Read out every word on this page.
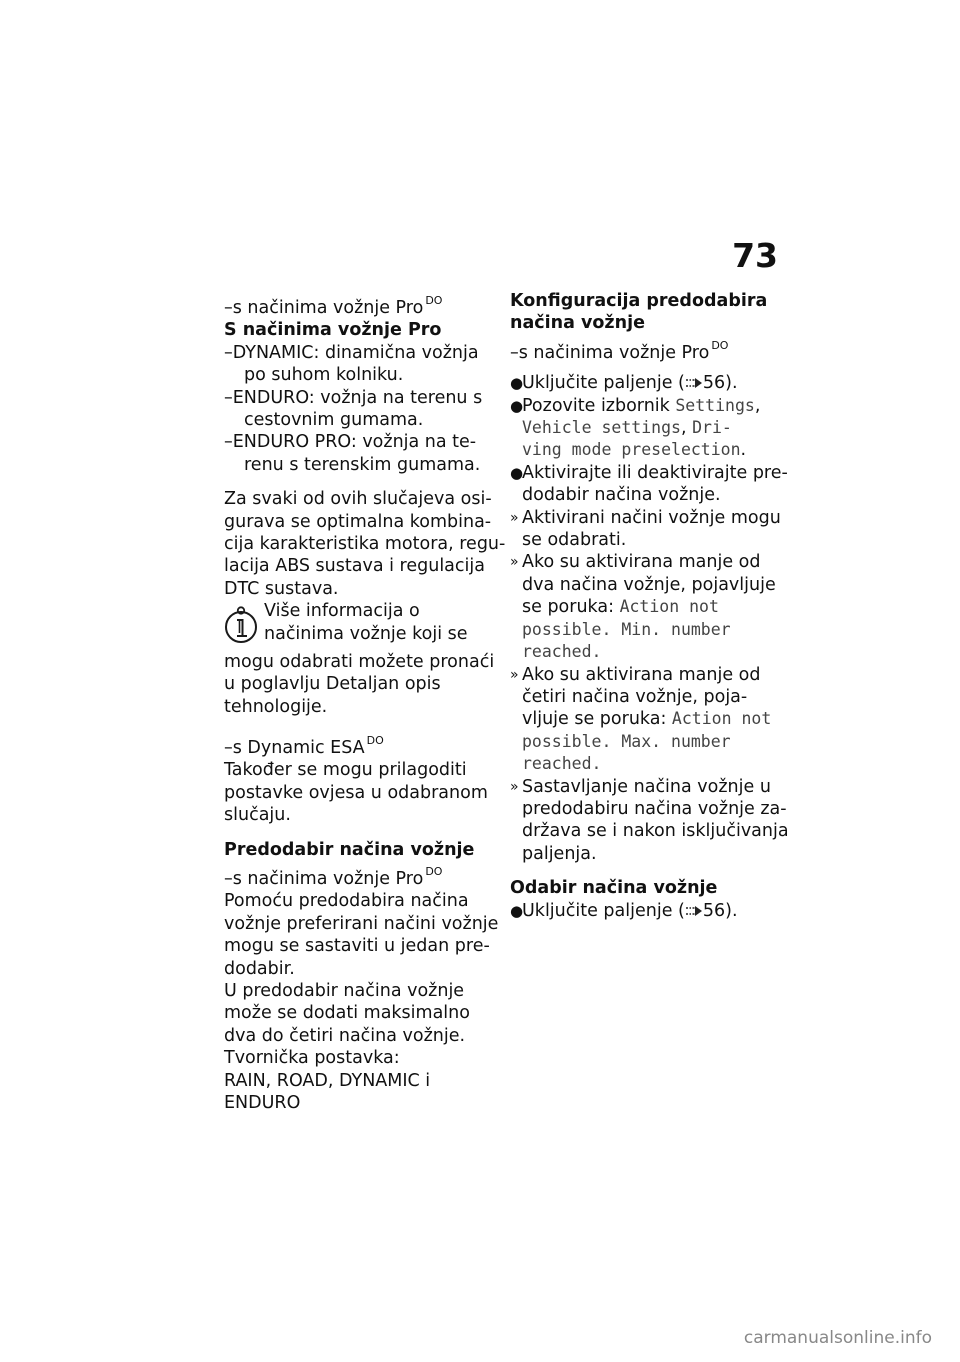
73
–s načinima vožnje Pro $^{DO}$
S načinima vožnje Pro
–DYNAMIC: dinamična vožnja
po suhom kolniku.
–ENDURO: vožnja na terenu s
cestovnim gumama.
–ENDURO PRO: vožnja na te-
renu s terenskim gumama.
Za svaki od ovih slučajeva osi-
gurava se optimalna kombina-
cija karakteristika motora, regu-
lacija ABS sustava i regulacija
DTC sustava.
Više informacija o
načinima vožnje koji se
mogu odabrati možete pronaći
u poglavlju Detaljan opis
tehnologije.
–s Dynamic ESA $^{DO}$
Također se mogu prilagoditi
postavke ovjesa u odabranom
slučaju.
Predodabir načina vožnje
–s načinima vožnje Pro $^{DO}$
Pomoću predodabira načina
vožnje preferirani načini vožnje
mogu se sastaviti u jedan pre-
dodabir.
U predodabir načina vožnje
može se dodati maksimalno
dva do četiri načina vožnje.
Tvornička postavka:
RAIN, ROAD, DYNAMIC i
ENDURO
Konfiguracija predodabira
načina vožnje
–s načinima vožnje Pro $^{DO}$
●
Uključite paljenje ( 56).
●
Pozovite izbornik Settings,
Vehicle settings, Dri-
ving mode preselection.
●
Aktivirajte ili deaktivirajte pre-
dodabir načina vožnje.
» Aktivirani načini vožnje mogu
se odabrati.
» Ako su aktivirana manje od
dva načina vožnje, pojavljuje
se poruka: Action not
possible. Min. number
reached.
» Ako su aktivirana manje od
četiri načina vožnje, poja-
vljuje se poruka: Action not
possible. Max. number
reached.
» Sastavljanje načina vožnje u
predodabiru načina vožnje za-
država se i nakon isključivanja
paljenja.
Odabir načina vožnje
●
Uključite paljenje ( 56).
carmanualsonline.info
